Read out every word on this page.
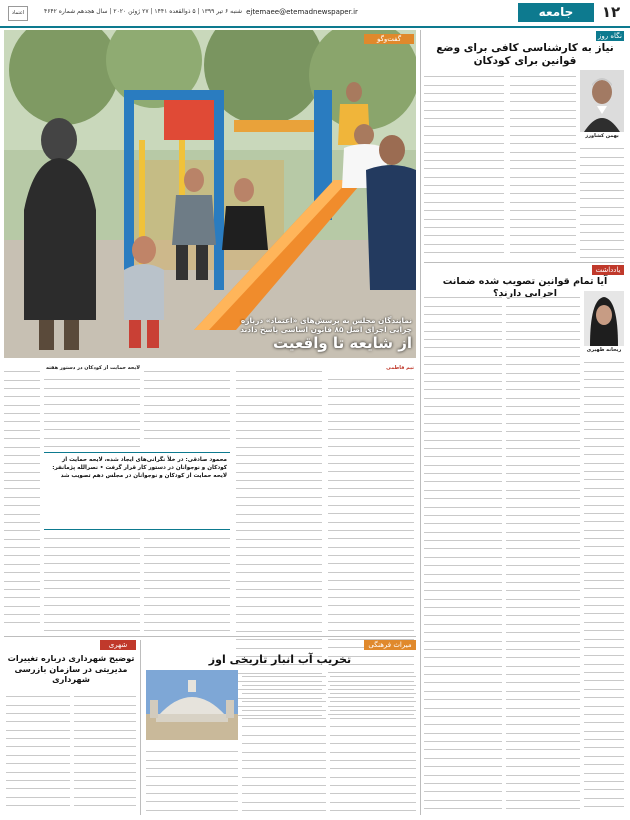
۱۲
جامعه
ejtemaee@etemadnewspaper.ir
شنبه ۶ تیر ۱۳۹۹ | ۵ ذوالقعده ۱۴۴۱ | ۲۷ ژوئن ۲۰۲۰ | سال هجدهم شماره ۴۶۴۲
اعتماد
نگاه روز
نیاز به کارشناسی کافی برای وضع قوانین برای کودکان
بهمن کشاورز
یادداشت
آیا تمام قوانین تصویب شده ضمانت اجرایی دارند؟
ریحانه ظهیری
گفت‌وگو
نمایندگان مجلس به پرسش‌های «اعتماد» درباره چرایی اجرای اصل ۸۵ قانون اساسی پاسخ دادند
از شایعه تا واقعیت
تیم فاطمی
لایحه حمایت از کودکان در دستور هفته
محمود صادقی: در خلأ نگرانی‌های ایجاد شده، لایحه حمایت از کودکان و نوجوانان در دستور کار قرار گرفت • نصرالله پژمانفر: لایحه حمایت از کودکان و نوجوانان در مجلس دهم تصویب شد
شهری
توضیح شهرداری درباره تغییرات مدیریتی در سازمان بازرسی شهرداری
میراث فرهنگی
تخریب آب انبار تاریخی اوز
